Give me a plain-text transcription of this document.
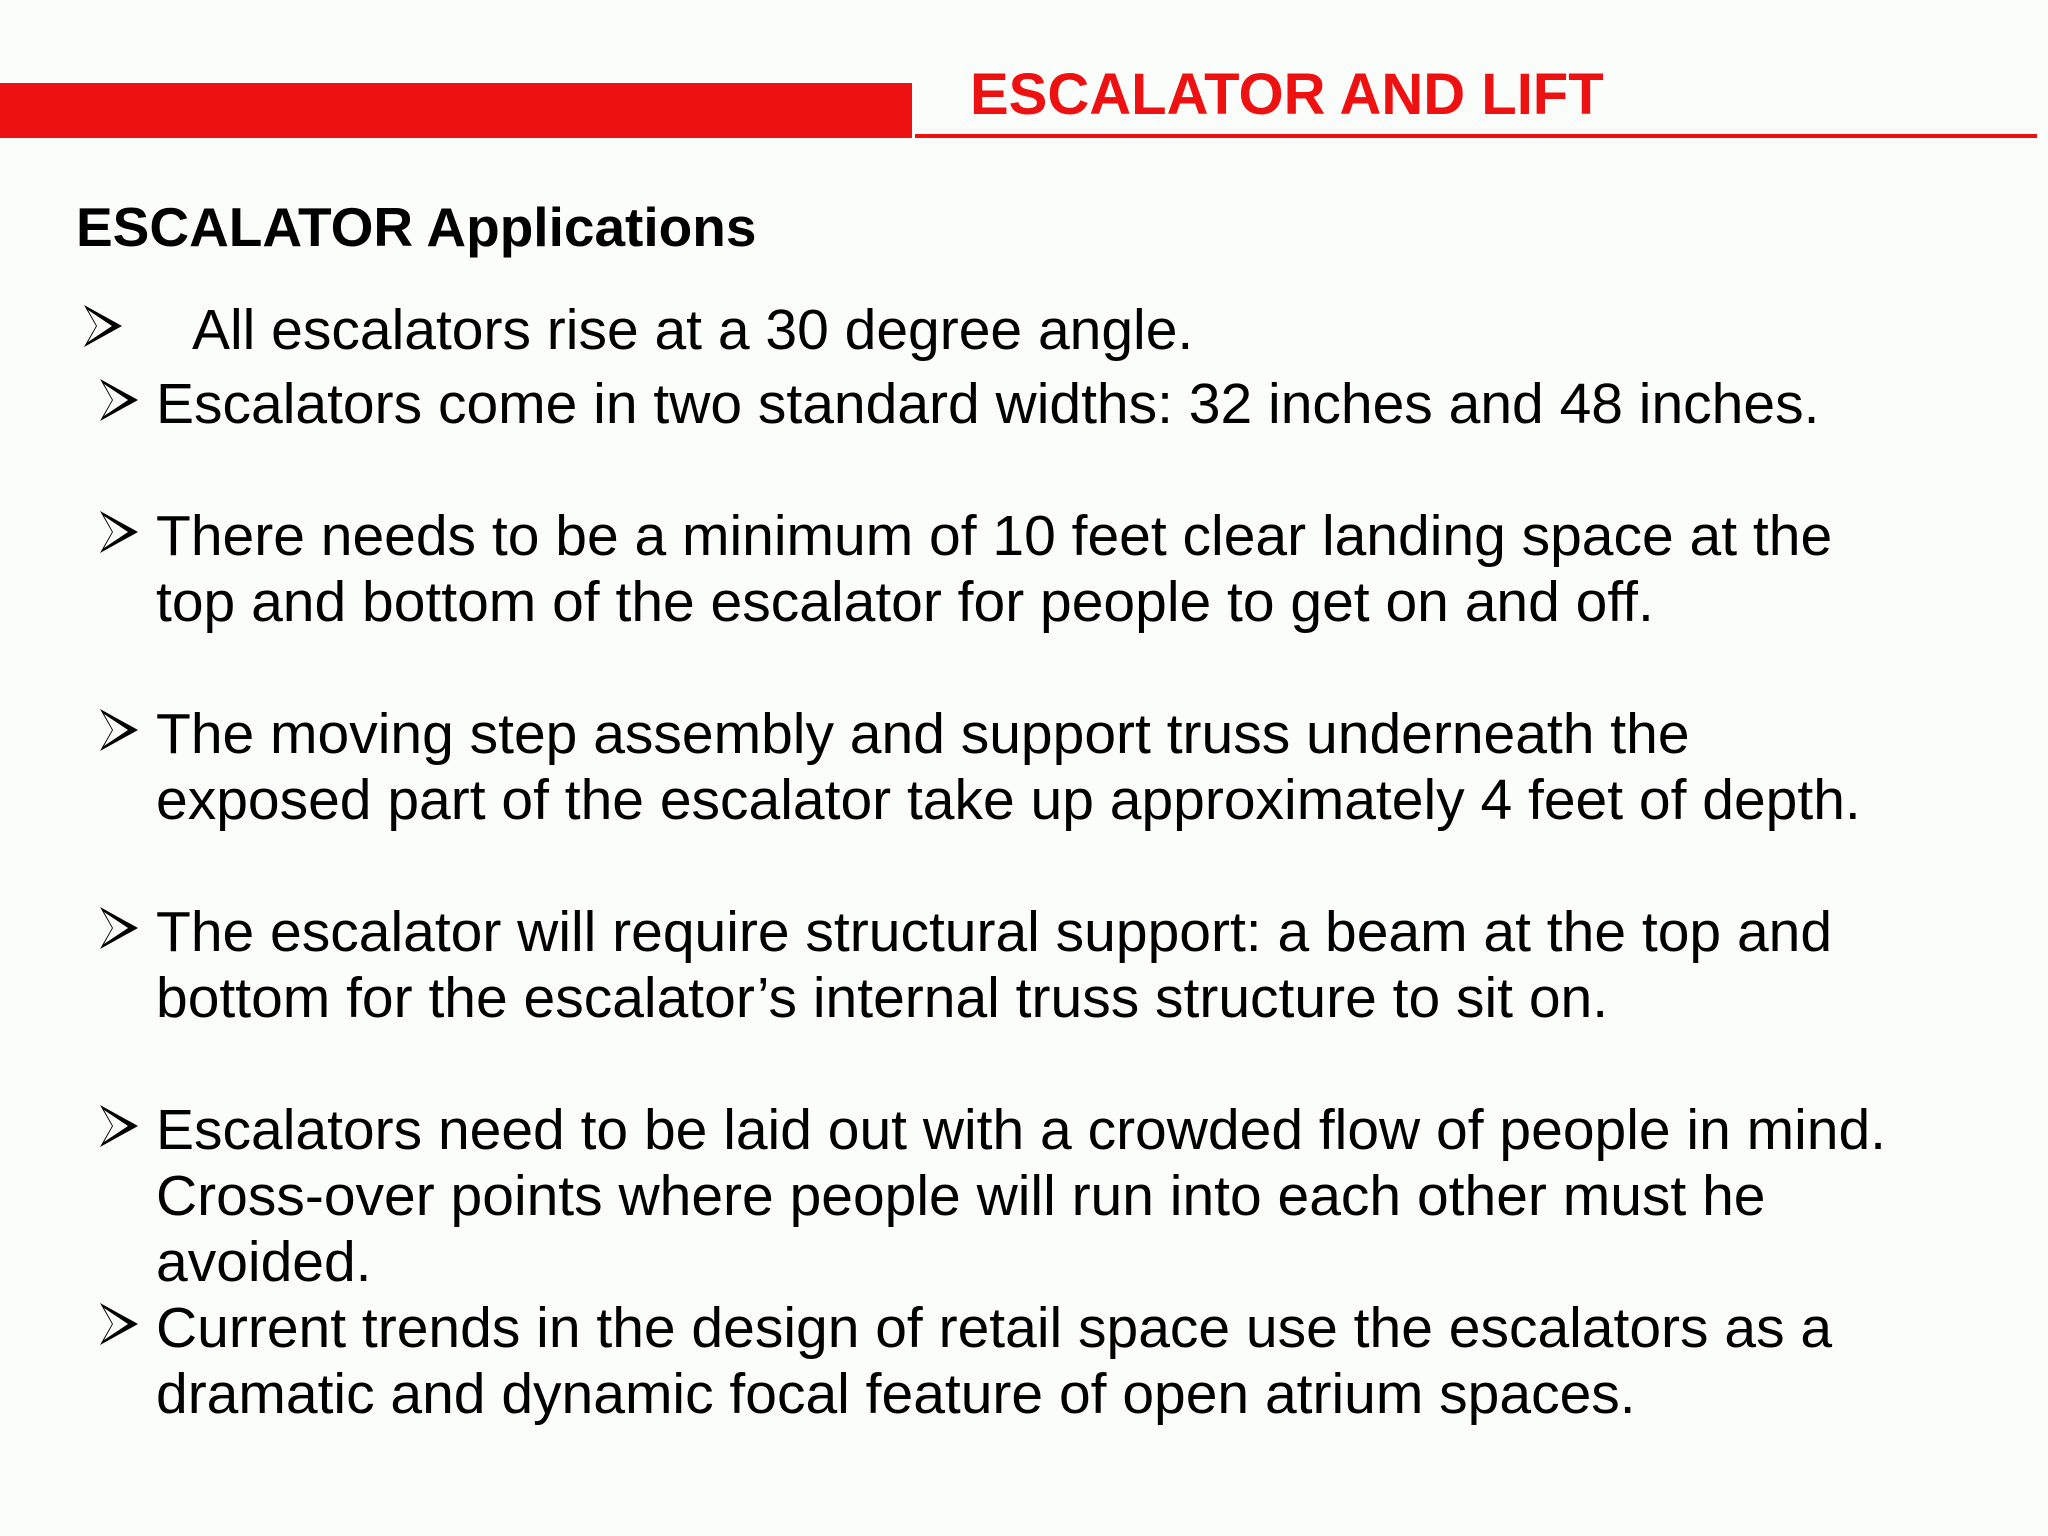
ESCALATOR AND LIFT
ESCALATOR Applications
All escalators rise at a 30 degree angle.
Escalators come in two standard widths: 32 inches and 48 inches.
There needs to be a minimum of 10 feet clear landing space at the top and bottom of the escalator for people to get on and off.
The moving step assembly and support truss underneath the exposed part of the escalator take up approximately 4 feet of depth.
The escalator will require structural support: a beam at the top and bottom for the escalator’s internal truss structure to sit on.
Escalators need to be laid out with a crowded flow of people in mind. Cross-over points where people will run into each other must he avoided.
Current trends in the design of retail space use the escalators as a dramatic and dynamic focal feature of open atrium spaces.
